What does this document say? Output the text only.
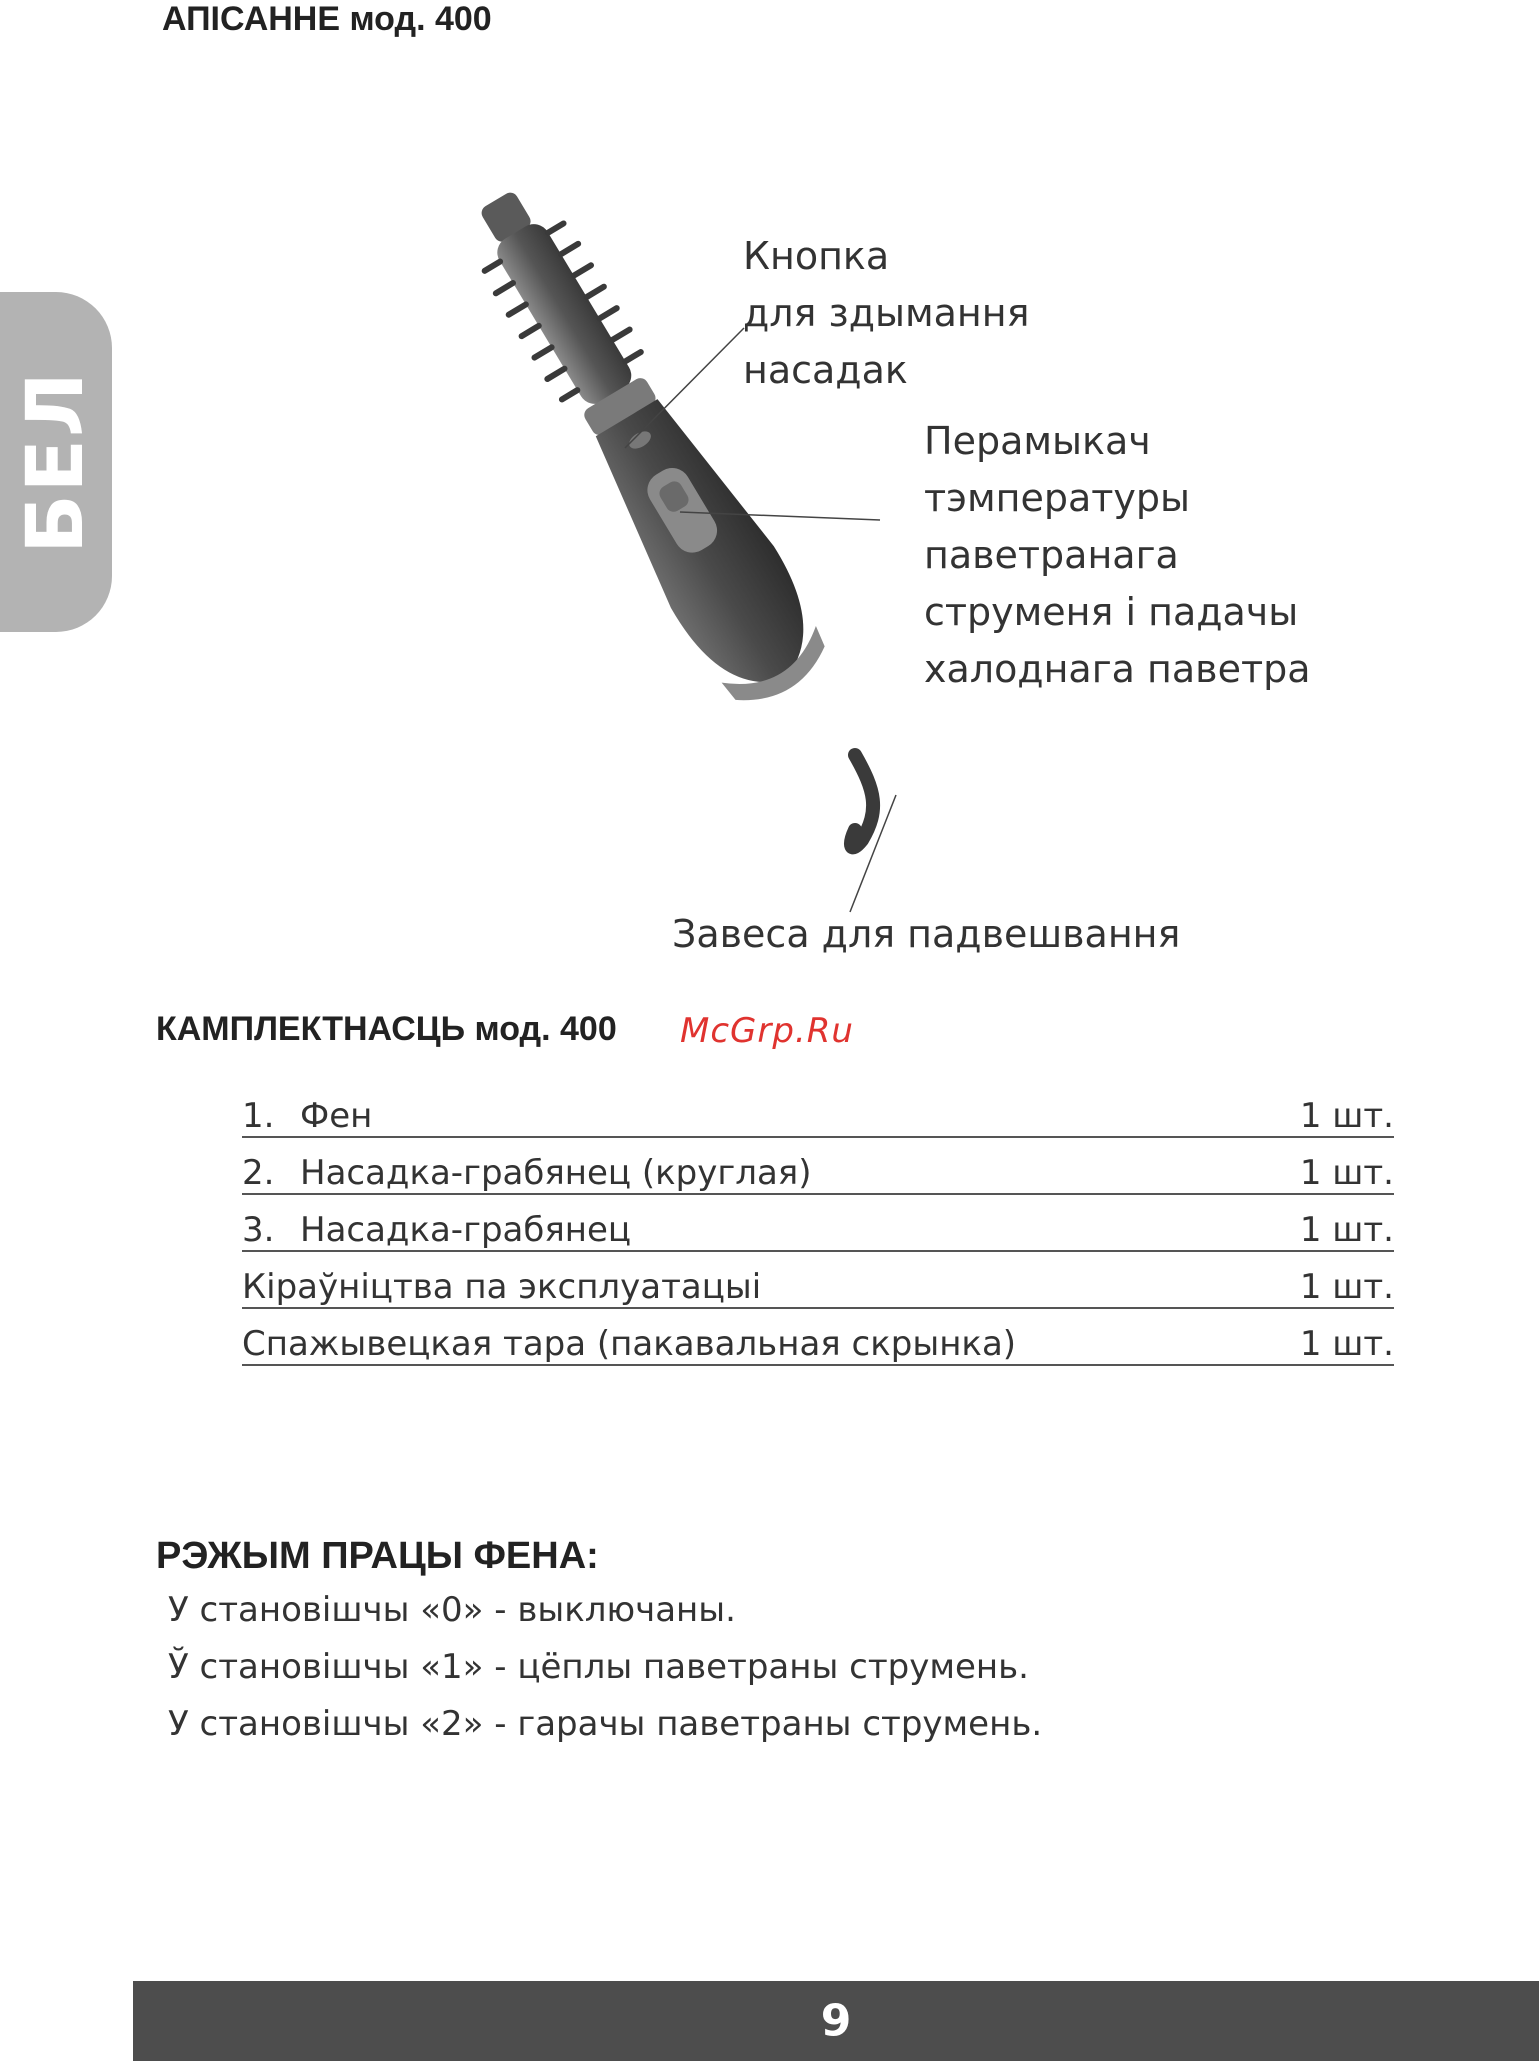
АПІСАННЕ мод. 400
БЕЛ
Кнопка
для здымання
насадак
Перамыкач
тэмпературы
паветранага
струменя і падачы
халоднага паветра
Завеса для падвешвання
КАМПЛЕКТНАСЦЬ мод. 400 McGrp.Ru
1. Фен	1 шт.
2. Насадка-грабянец (круглая)	1 шт.
3. Насадка-грабянец	1 шт.
Кіраўніцтва па эксплуатацыі	1 шт.
Спажывецкая тара (пакавальная скрынка)	1 шт.
РЭЖЫМ ПРАЦЫ ФЕНА:
У становішчы «0» - выключаны.
Ў становішчы «1» - цёплы паветраны струмень.
У становішчы «2» - гарачы паветраны струмень.
9
